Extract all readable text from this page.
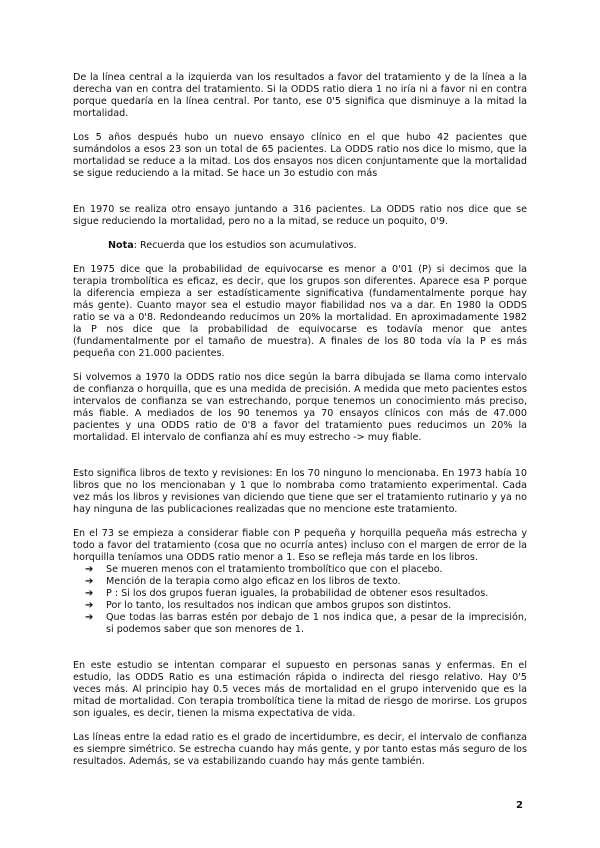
De la línea central a la izquierda van los resultados a favor del tratamiento y de la línea a la derecha van en contra del tratamiento. Si la ODDS ratio diera 1 no iría ni a favor ni en contra porque quedaría en la línea central. Por tanto, ese 0'5 significa que disminuye a la mitad la mortalidad.

Los 5 años después hubo un nuevo ensayo clínico en el que hubo 42 pacientes que sumándolos a esos 23 son un total de 65 pacientes. La ODDS ratio nos dice lo mismo, que la mortalidad se reduce a la mitad. Los dos ensayos nos dicen conjuntamente que la mortalidad se sigue reduciendo a la mitad. Se hace un 3o estudio con más

En 1970 se realiza otro ensayo juntando a 316 pacientes. La ODDS ratio nos dice que se sigue reduciendo la mortalidad, pero no a la mitad, se reduce un poquito, 0'9.

Nota: Recuerda que los estudios son acumulativos.

En 1975 dice que la probabilidad de equivocarse es menor a 0'01 (P) si decimos que la terapia trombolítica es eficaz, es decir, que los grupos son diferentes. Aparece esa P porque la diferencia empieza a ser estadísticamente significativa (fundamentalmente porque hay más gente). Cuanto mayor sea el estudio mayor fiabilidad nos va a dar. En 1980 la ODDS ratio se va a 0'8. Redondeando reducimos un 20% la mortalidad. En aproximadamente 1982 la P nos dice que la probabilidad de equivocarse es todavía menor que antes (fundamentalmente por el tamaño de muestra). A finales de los 80 toda vía la P es más pequeña con 21.000 pacientes.

Si volvemos a 1970 la ODDS ratio nos dice según la barra dibujada se llama como intervalo de confianza o horquilla, que es una medida de precisión. A medida que meto pacientes estos intervalos de confianza se van estrechando, porque tenemos un conocimiento más preciso, más fiable. A mediados de los 90 tenemos ya 70 ensayos clínicos con más de 47.000 pacientes y una ODDS ratio de 0'8 a favor del tratamiento pues reducimos un 20% la mortalidad. El intervalo de confianza ahí es muy estrecho -> muy fiable.

Esto significa libros de texto y revisiones: En los 70 ninguno lo mencionaba. En 1973 había 10 libros que no los mencionaban y 1 que lo nombraba como tratamiento experimental. Cada vez más los libros y revisiones van diciendo que tiene que ser el tratamiento rutinario y ya no hay ninguna de las publicaciones realizadas que no mencione este tratamiento.

En el 73 se empieza a considerar fiable con P pequeña y horquilla pequeña más estrecha y todo a favor del tratamiento (cosa que no ocurría antes) incluso con el margen de error de la horquilla teníamos una ODDS ratio menor a 1. Eso se refleja más tarde en los libros.

➔ Se mueren menos con el tratamiento trombolítico que con el placebo.
➔ Mención de la terapia como algo eficaz en los libros de texto.
➔ P : Si los dos grupos fueran iguales, la probabilidad de obtener esos resultados.
➔ Por lo tanto, los resultados nos indican que ambos grupos son distintos.
➔ Que todas las barras estén por debajo de 1 nos indica que, a pesar de la imprecisión, si podemos saber que son menores de 1.

En este estudio se intentan comparar el supuesto en personas sanas y enfermas. En el estudio, las ODDS Ratio es una estimación rápida o indirecta del riesgo relativo. Hay 0'5 veces más. Al principio hay 0.5 veces más de mortalidad en el grupo intervenido que es la mitad de mortalidad. Con terapia trombolítica tiene la mitad de riesgo de morirse. Los grupos son iguales, es decir, tienen la misma expectativa de vida.

Las líneas entre la edad ratio es el grado de incertidumbre, es decir, el intervalo de confianza es siempre simétrico. Se estrecha cuando hay más gente, y por tanto estas más seguro de los resultados. Además, se va estabilizando cuando hay más gente también.

2
